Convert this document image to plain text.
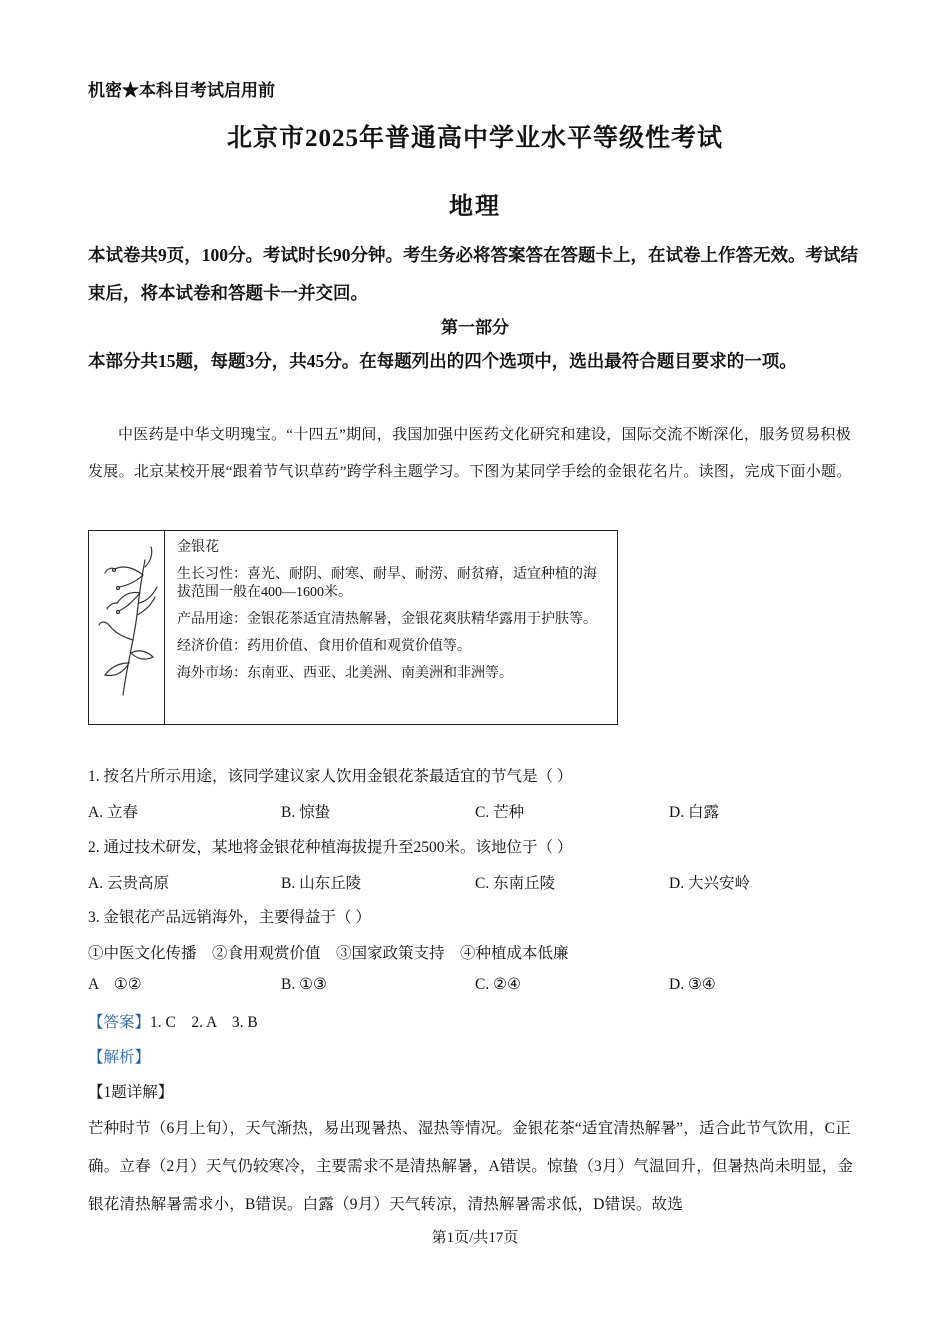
机密★本科目考试启用前
北京市2025年普通高中学业水平等级性考试
地理
本试卷共9页，100分。考试时长90分钟。考生务必将答案答在答题卡上，在试卷上作答无效。考试结束后，将本试卷和答题卡一并交回。
第一部分
本部分共15题，每题3分，共45分。在每题列出的四个选项中，选出最符合题目要求的一项。
中医药是中华文明瑰宝。“十四五”期间，我国加强中医药文化研究和建设，国际交流不断深化，服务贸易积极发展。北京某校开展“跟着节气识草药”跨学科主题学习。下图为某同学手绘的金银花名片。读图，完成下面小题。

金银花

生长习性：喜光、耐阴、耐寒、耐旱、耐涝、耐贫瘠，适宜种植的海拔范围一般在400—1600米。

产品用途：金银花茶适宜清热解暑，金银花爽肤精华露用于护肤等。

经济价值：药用价值、食用价值和观赏价值等。

海外市场：东南亚、西亚、北美洲、南美洲和非洲等。

1. 按名片所示用途，该同学建议家人饮用金银花茶最适宜的节气是（ ）
A. 立春	B. 惊蛰	C. 芒种	D. 白露
2. 通过技术研发，某地将金银花种植海拔提升至2500米。该地位于（ ）
A. 云贵高原	B. 山东丘陵	C. 东南丘陵	D. 大兴安岭
3. 金银花产品远销海外，主要得益于（ ）
①中医文化传播    ②食用观赏价值    ③国家政策支持    ④种植成本低廉
A    ①②	B. ①③	C. ②④	D. ③④
【答案】1. C    2. A    3. B
【解析】
【1题详解】
芒种时节（6月上旬），天气渐热，易出现暑热、湿热等情况。金银花茶“适宜清热解暑”，适合此节气饮用，C正确。立春（2月）天气仍较寒冷，主要需求不是清热解暑，A错误。惊蛰（3月）气温回升，但暑热尚未明显，金银花清热解暑需求小，B错误。白露（9月）天气转凉，清热解暑需求低，D错误。故选
第1页/共17页
